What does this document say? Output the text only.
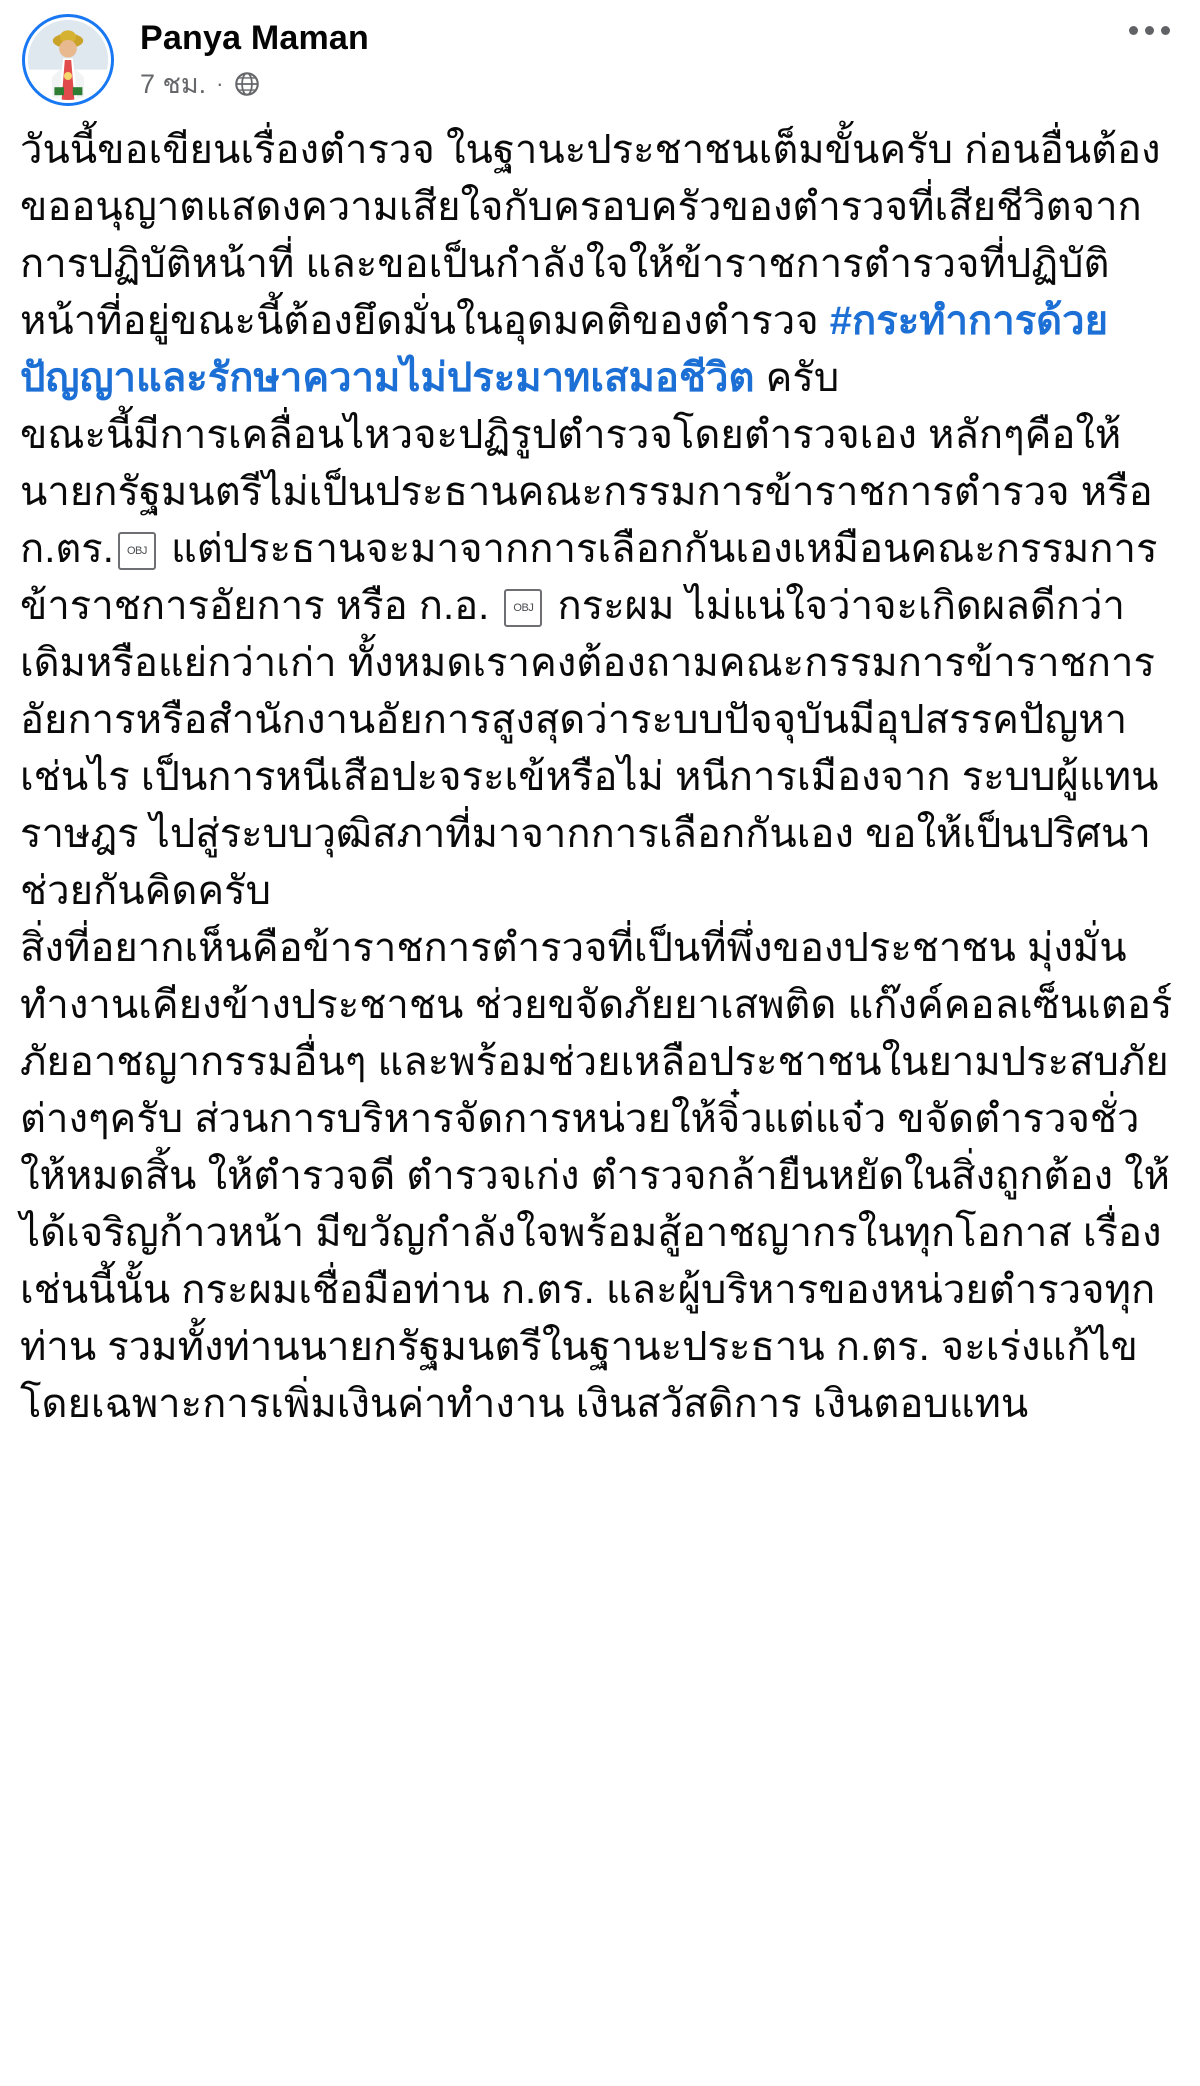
Panya Maman
7 ชม. ·

วันนี้ขอเขียนเรื่องตำรวจ ในฐานะประชาชนเต็มขั้นครับ ก่อนอื่นต้องขออนุญาตแสดงความเสียใจกับครอบครัวของตำรวจที่เสียชีวิตจากการปฏิบัติหน้าที่ และขอเป็นกำลังใจให้ข้าราชการตำรวจที่ปฏิบัติหน้าที่อยู่ขณะนี้ต้องยึดมั่นในอุดมคติของตำรวจ #กระทำการด้วยปัญญาและรักษาความไม่ประมาทเสมอชีวิต ครับ

ขณะนี้มีการเคลื่อนไหวจะปฏิรูปตำรวจโดยตำรวจเอง หลักๆคือให้นายกรัฐมนตรีไม่เป็นประธานคณะกรรมการข้าราชการตำรวจ หรือ ก.ตร. OBJ แต่ประธานจะมาจากการเลือกกันเองเหมือนคณะกรรมการข้าราชการอัยการ หรือ ก.อ. OBJ กระผม ไม่แน่ใจว่าจะเกิดผลดีกว่าเดิมหรือแย่กว่าเก่า ทั้งหมดเราคงต้องถามคณะกรรมการข้าราชการอัยการหรือสำนักงานอัยการสูงสุดว่าระบบปัจจุบันมีอุปสรรคปัญหาเช่นไร เป็นการหนีเสือปะจระเข้หรือไม่ หนีการเมืองจาก ระบบผู้แทนราษฎร ไปสู่ระบบวุฒิสภาที่มาจากการเลือกกันเอง ขอให้เป็นปริศนาช่วยกันคิดครับ

สิ่งที่อยากเห็นคือข้าราชการตำรวจที่เป็นที่พึ่งของประชาชน มุ่งมั่นทำงานเคียงข้างประชาชน ช่วยขจัดภัยยาเสพติด แก๊งค์คอลเซ็นเตอร์ ภัยอาชญากรรมอื่นๆ และพร้อมช่วยเหลือประชาชนในยามประสบภัยต่างๆครับ ส่วนการบริหารจัดการหน่วยให้จิ๋วแต่แจ๋ว ขจัดตำรวจชั่วให้หมดสิ้น ให้ตำรวจดี ตำรวจเก่ง ตำรวจกล้ายืนหยัดในสิ่งถูกต้อง ให้ได้เจริญก้าวหน้า มีขวัญกำลังใจพร้อมสู้อาชญากรในทุกโอกาส เรื่องเช่นนี้นั้น กระผมเชื่อมือท่าน ก.ตร. และผู้บริหารของหน่วยตำรวจทุกท่าน รวมทั้งท่านนายกรัฐมนตรีในฐานะประธาน ก.ตร. จะเร่งแก้ไข โดยเฉพาะการเพิ่มเงินค่าทำงาน เงินสวัสดิการ เงินตอบแทน
